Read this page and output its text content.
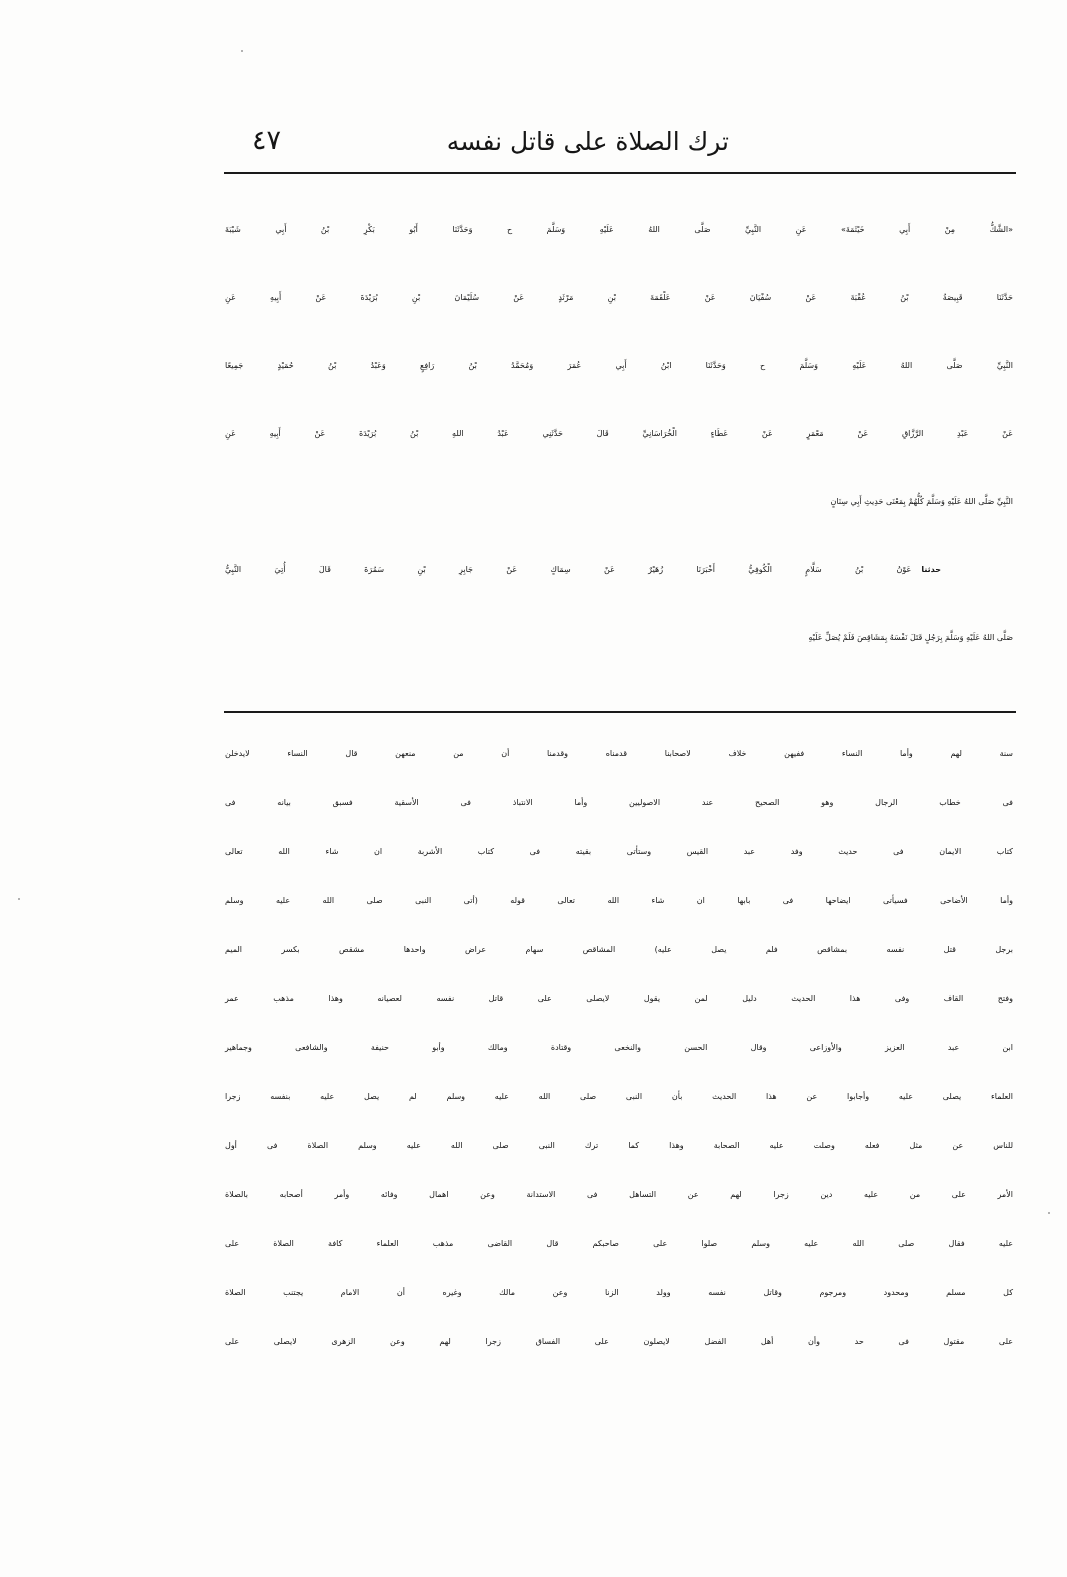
ترك الصلاة على قاتل نفسه
٤٧
«الشَّكُّ مِنْ أَبِي خَيْثَمَةَ» عَنِ النَّبِيِّ صَلَّى اللهُ عَلَيْهِ وَسَلَّمَ ح وَحَدَّثَنَا أَبُو بَكْرِ بْنُ أَبِي شَيْبَةَ
حَدَّثَنَا قَبِيصَةُ بْنُ عُقْبَةَ عَنْ سُفْيَانَ عَنْ عَلْقَمَةَ بْنِ مَرْثَدٍ عَنْ سُلَيْمَانَ بْنِ بُرَيْدَةَ عَنْ أَبِيهِ عَنِ
النَّبِيِّ صَلَّى اللهُ عَلَيْهِ وَسَلَّمَ ح وَحَدَّثَنَا ابْنُ أَبِي عُمَرَ وَمُحَمَّدُ بْنُ رَافِعٍ وَعَبْدُ بْنُ حُمَيْدٍ جَمِيعًا
عَنْ عَبْدِ الرَّزَّاقِ عَنْ مَعْمَرٍ عَنْ عَطَاءٍ الْخُرَاسَانِيِّ قَالَ حَدَّثَنِي عَبْدُ اللهِ بْنُ بُرَيْدَةَ عَنْ أَبِيهِ عَنِ
النَّبِيِّ صَلَّى اللهُ عَلَيْهِ وَسَلَّمَ كُلُّهُمْ بِمَعْنَى حَدِيثِ أَبِي سِنَانٍ
حدثناعَوْنُ بْنُ سَلَّامٍ الْكُوفِيُّ أَخْبَرَنَا زُهَيْرٌ عَنْ سِمَاكٍ عَنْ جَابِرِ بْنِ سَمُرَةَ قَالَ أُتِيَ النَّبِيُّ
صَلَّى اللهُ عَلَيْهِ وَسَلَّمَ بِرَجُلٍ قَتَلَ نَفْسَهُ بِمَشَاقِصَ فَلَمْ يُصَلِّ عَلَيْهِ
سنة لهم وأما النساء ففيهن خلاف لاصحابنا قدمناه وقدمنا أن من منعهن قال النساء لايدخلن
فى خطاب الرجال وهو الصحيح عند الاصوليين وأما الانتباذ فى الأسقية فسبق بيانه فى
كتاب الايمان فى حديث وفد عبد القيس وستأتى بقيته فى كتاب الأشربة ان شاء الله تعالى
وأما الأضاحى فسيأتى ايضاحها فى بابها ان شاء الله تعالى قوله (أتى النبى صلى الله عليه وسلم
برجل قتل نفسه بمشاقص فلم يصل عليه) المشاقص سهام عراض واحدها مشقص بكسر الميم
وفتح القاف وفى هذا الحديث دليل لمن يقول لايصلى على قاتل نفسه لعصيانه وهذا مذهب عمر
ابن عبد العزيز والأوزاعى وقال الحسن والنخعى وقتادة ومالك وأبو حنيفة والشافعى وجماهير
العلماء يصلى عليه وأجابوا عن هذا الحديث بأن النبى صلى الله عليه وسلم لم يصل عليه بنفسه زجرا
للناس عن مثل فعله وصلت عليه الصحابة وهذا كما ترك النبى صلى الله عليه وسلم الصلاة فى أول
الأمر على من عليه دين زجرا لهم عن التساهل فى الاستدانة وعن اهمال وفائه وأمر أصحابه بالصلاة
عليه فقال صلى الله عليه وسلم صلوا على صاحبكم قال القاضى مذهب العلماء كافة الصلاة على
كل مسلم ومحدود ومرجوم وقاتل نفسه وولد الزنا وعن مالك وغيره أن الامام يجتنب الصلاة
على مقتول فى حد وأن أهل الفضل لايصلون على الفساق زجرا لهم وعن الزهرى لايصلى على
